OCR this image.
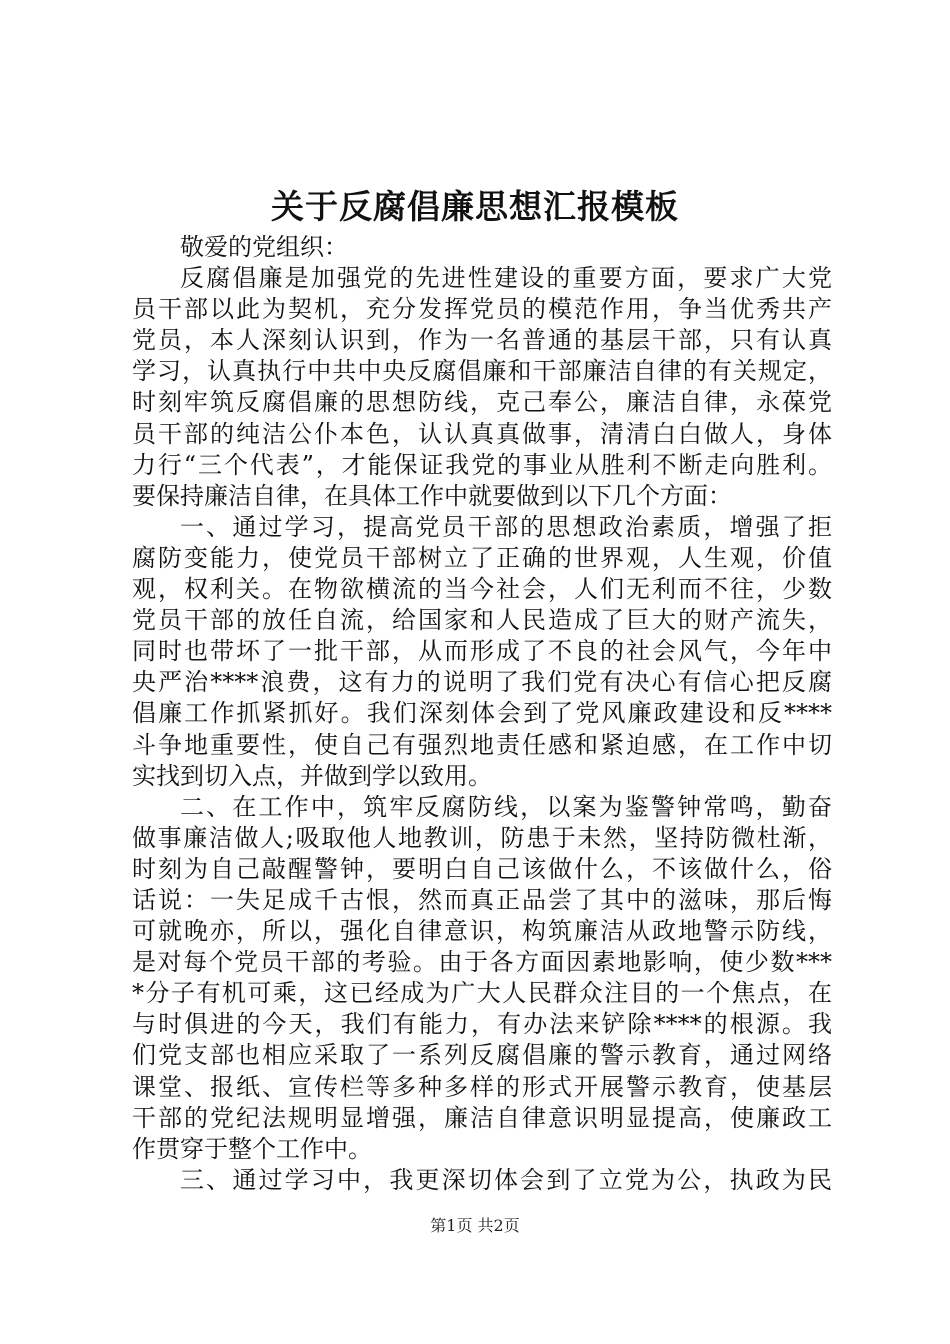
关于反腐倡廉思想汇报模板
敬爱的党组织：
反腐倡廉是加强党的先进性建设的重要方面，要求广大党
员干部以此为契机，充分发挥党员的模范作用，争当优秀共产
党员，本人深刻认识到，作为一名普通的基层干部，只有认真
学习，认真执行中共中央反腐倡廉和干部廉洁自律的有关规定，
时刻牢筑反腐倡廉的思想防线，克己奉公，廉洁自律，永葆党
员干部的纯洁公仆本色，认认真真做事，清清白白做人，身体
力行“三个代表”，才能保证我党的事业从胜利不断走向胜利。
要保持廉洁自律，在具体工作中就要做到以下几个方面：
一、通过学习，提高党员干部的思想政治素质，增强了拒
腐防变能力，使党员干部树立了正确的世界观，人生观，价值
观，权利关。在物欲横流的当今社会，人们无利而不往，少数
党员干部的放任自流，给国家和人民造成了巨大的财产流失，
同时也带坏了一批干部，从而形成了不良的社会风气，今年中
央严治****浪费，这有力的说明了我们党有决心有信心把反腐
倡廉工作抓紧抓好。我们深刻体会到了党风廉政建设和反****
斗争地重要性，使自己有强烈地责任感和紧迫感，在工作中切
实找到切入点，并做到学以致用。
二、在工作中，筑牢反腐防线，以案为鉴警钟常鸣，勤奋
做事廉洁做人;吸取他人地教训，防患于未然，坚持防微杜渐，
时刻为自己敲醒警钟，要明白自己该做什么，不该做什么，俗
话说：一失足成千古恨，然而真正品尝了其中的滋味，那后悔
可就晚亦，所以，强化自律意识，构筑廉洁从政地警示防线，
是对每个党员干部的考验。由于各方面因素地影响，使少数***
*分子有机可乘，这已经成为广大人民群众注目的一个焦点，在
与时俱进的今天，我们有能力，有办法来铲除****的根源。我
们党支部也相应采取了一系列反腐倡廉的警示教育，通过网络
课堂、报纸、宣传栏等多种多样的形式开展警示教育，使基层
干部的党纪法规明显增强，廉洁自律意识明显提高，使廉政工
作贯穿于整个工作中。
三、通过学习中，我更深切体会到了立党为公，执政为民
第1页 共2页
